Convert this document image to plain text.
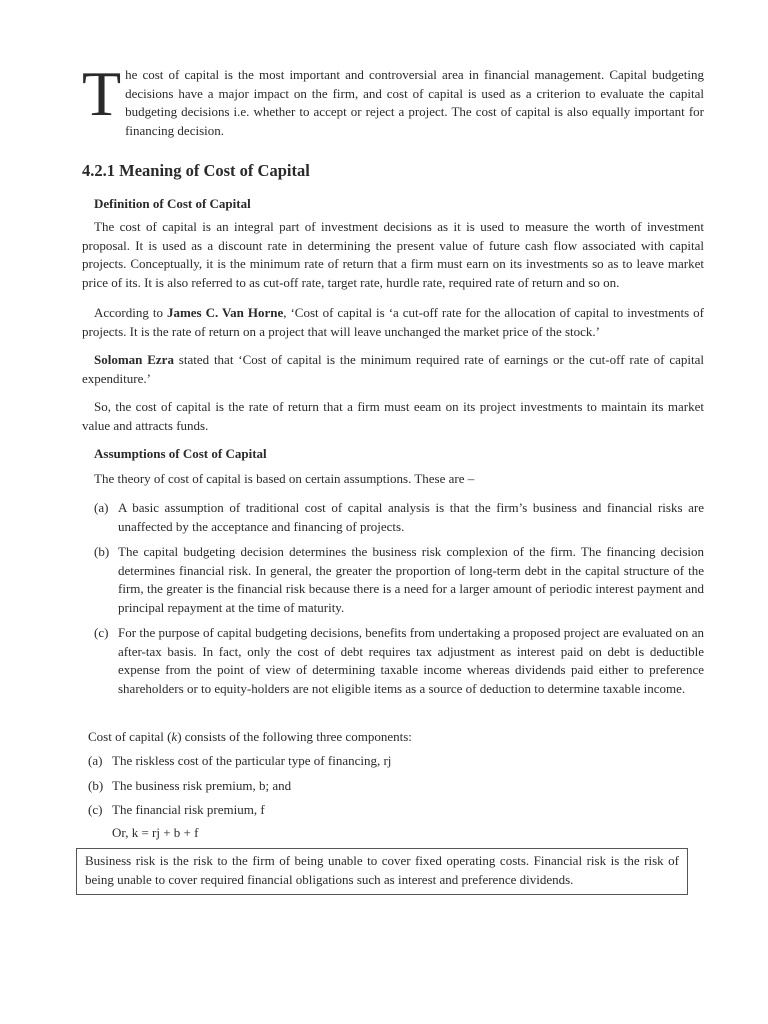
T he cost of capital is the most important and controversial area in financial management. Capital budgeting decisions have a major impact on the firm, and cost of capital is used as a criterion to evaluate the capital budgeting decisions i.e. whether to accept or reject a project. The cost of capital is also equally important for financing decision.
4.2.1 Meaning of Cost of Capital
Definition of Cost of Capital
The cost of capital is an integral part of investment decisions as it is used to measure the worth of investment proposal. It is used as a discount rate in determining the present value of future cash flow associated with capital projects. Conceptually, it is the minimum rate of return that a firm must earn on its investments so as to leave market price of its. It is also referred to as cut-off rate, target rate, hurdle rate, required rate of return and so on.
According to James C. Van Horne, ‘Cost of capital is ‘a cut-off rate for the allocation of capital to investments of projects. It is the rate of return on a project that will leave unchanged the market price of the stock.’
Soloman Ezra stated that ‘Cost of capital is the minimum required rate of earnings or the cut-off rate of capital expenditure.’
So, the cost of capital is the rate of return that a firm must eeam on its project investments to maintain its market value and attracts funds.
Assumptions of Cost of Capital
The theory of cost of capital is based on certain assumptions. These are –
(a) A basic assumption of traditional cost of capital analysis is that the firm’s business and financial risks are unaffected by the acceptance and financing of projects.
(b) The capital budgeting decision determines the business risk complexion of the firm. The financing decision determines financial risk. In general, the greater the proportion of long-term debt in the capital structure of the firm, the greater is the financial risk because there is a need for a larger amount of periodic interest payment and principal repayment at the time of maturity.
(c) For the purpose of capital budgeting decisions, benefits from undertaking a proposed project are evaluated on an after-tax basis. In fact, only the cost of debt requires tax adjustment as interest paid on debt is deductible expense from the point of view of determining taxable income whereas dividends paid either to preference shareholders or to equity-holders are not eligible items as a source of deduction to determine taxable income.
Cost of capital (k) consists of the following three components:
(a) The riskless cost of the particular type of financing, rj
(b) The business risk premium, b; and
(c) The financial risk premium, f
Or, k = rj + b + f
Business risk is the risk to the firm of being unable to cover fixed operating costs. Financial risk is the risk of being unable to cover required financial obligations such as interest and preference dividends.
